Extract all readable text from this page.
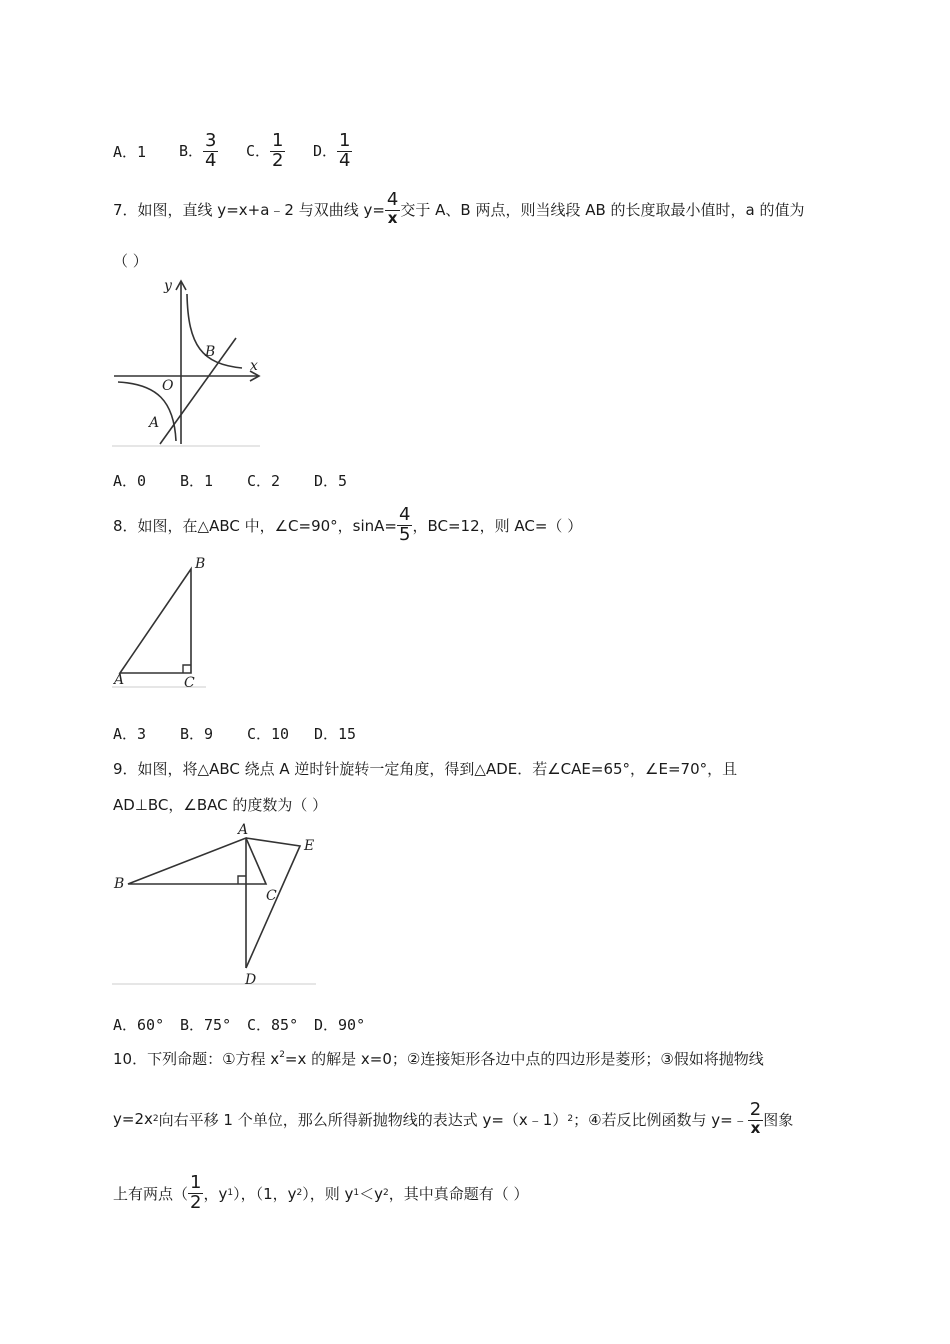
A．1	B． $\frac{3}{4}$ C． $\frac{1}{2}$ D． $\frac{1}{4}$
7．如图，直线 y=x+a﹣2 与双曲线 $y= \frac{4}{x}$ 交于 A、B 两点，则当线段 AB 的长度取最小值时，a 的值为
（ ）
y
x
O
B
A
A．0	B．1	C．2	D．5
8．如图，在△ABC 中，∠C=90°，$\sin A= \frac{4}{5}$ ，BC=12，则 AC=（ ）
B
A	C
A．3	B．9	C．10	D．15
9．如图，将△ABC 绕点 A 逆时针旋转一定角度，得到△ADE．若∠CAE=65°，∠E=70°，且
AD⊥BC，∠BAC 的度数为（ ）
A
B
C
D
E
A．60°	B．75°	C．85°	D．90°
10．下列命题：①方程 $x^2=x$ 的解是 x=0；②连接矩形各边中点的四边形是菱形；③假如将抛物线
y=2x 2 向右平移 1 个单位，那么所得新抛物线的表达式 y=（x﹣1） 2 ；④若反比例函数与 y=﹣ $\frac{2}{x}$ 图象
上有两点（ $\frac{1}{2}$ ，y 1 ），（1，y 2 ），则 y 1 ＜y 2 ，其中真命题有（ ）
